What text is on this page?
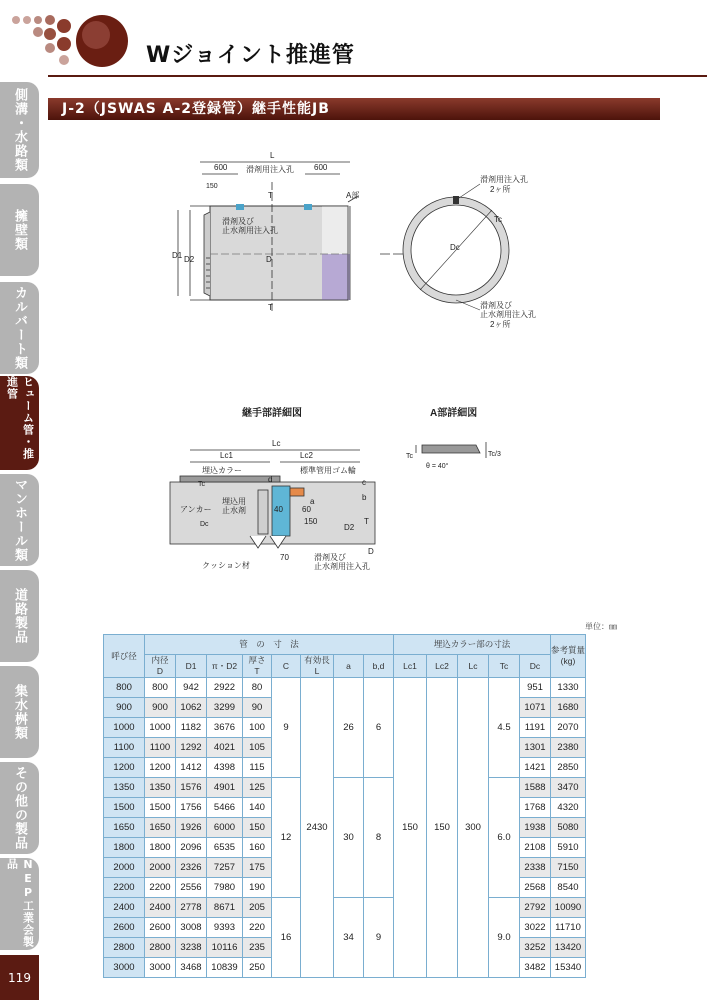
Wジョイント推進管
側溝・水路類
擁壁類
カルバート類
ヒューム管・推進管
マンホール類
道路製品
集水桝類
その他の製品
NEP工業会製品
119
J-2（JSWAS A-2登録管）継手性能JB
L
600	600
滑剤用注入孔
A部
150
滑剤及び
止水剤用注入孔
D1 D2	D
T
T
滑剤用注入孔
2ヶ所
Tc
Dc
滑剤及び
止水剤用注入孔
2ヶ所
継手部詳細図	A部詳細図
Lc
Lc1	Lc2
埋込カラー	標準管用ゴム輪
d	c
b
a
Tc
アンカー
埋込用
止水剤
Dc
40 60
150
70
D2
T
D
クッション材
滑剤及び
止水剤用注入孔
Tc	Tc/3
θ = 40°
単位：㎜
呼び径	管　の　寸　法								埋込カラー部の寸法					参考質量
(kg)
	内径
D	D1	π・D2	厚さ
T	C	有効長
L	a	b,d	Lc1	Lc2	Lc	Tc	Dc	
800	800	942	2922	80	9	2430	26	6	150	150	300	4.5	951	1330
900	900	1062	3299	90									1071	1680
1000	1000	1182	3676	100									1191	2070
1100	1100	1292	4021	105									1301	2380
1200	1200	1412	4398	115									1421	2850
1350	1350	1576	4901	125	12		30	8				6.0	1588	3470
1500	1500	1756	5466	140									1768	4320
1650	1650	1926	6000	150									1938	5080
1800	1800	2096	6535	160									2108	5910
2000	2000	2326	7257	175									2338	7150
2200	2200	2556	7980	190									2568	8540
2400	2400	2778	8671	205	16		34	9				9.0	2792	10090
2600	2600	3008	9393	220									3022	11710
2800	2800	3238	10116	235									3252	13420
3000	3000	3468	10839	250									3482	15340
